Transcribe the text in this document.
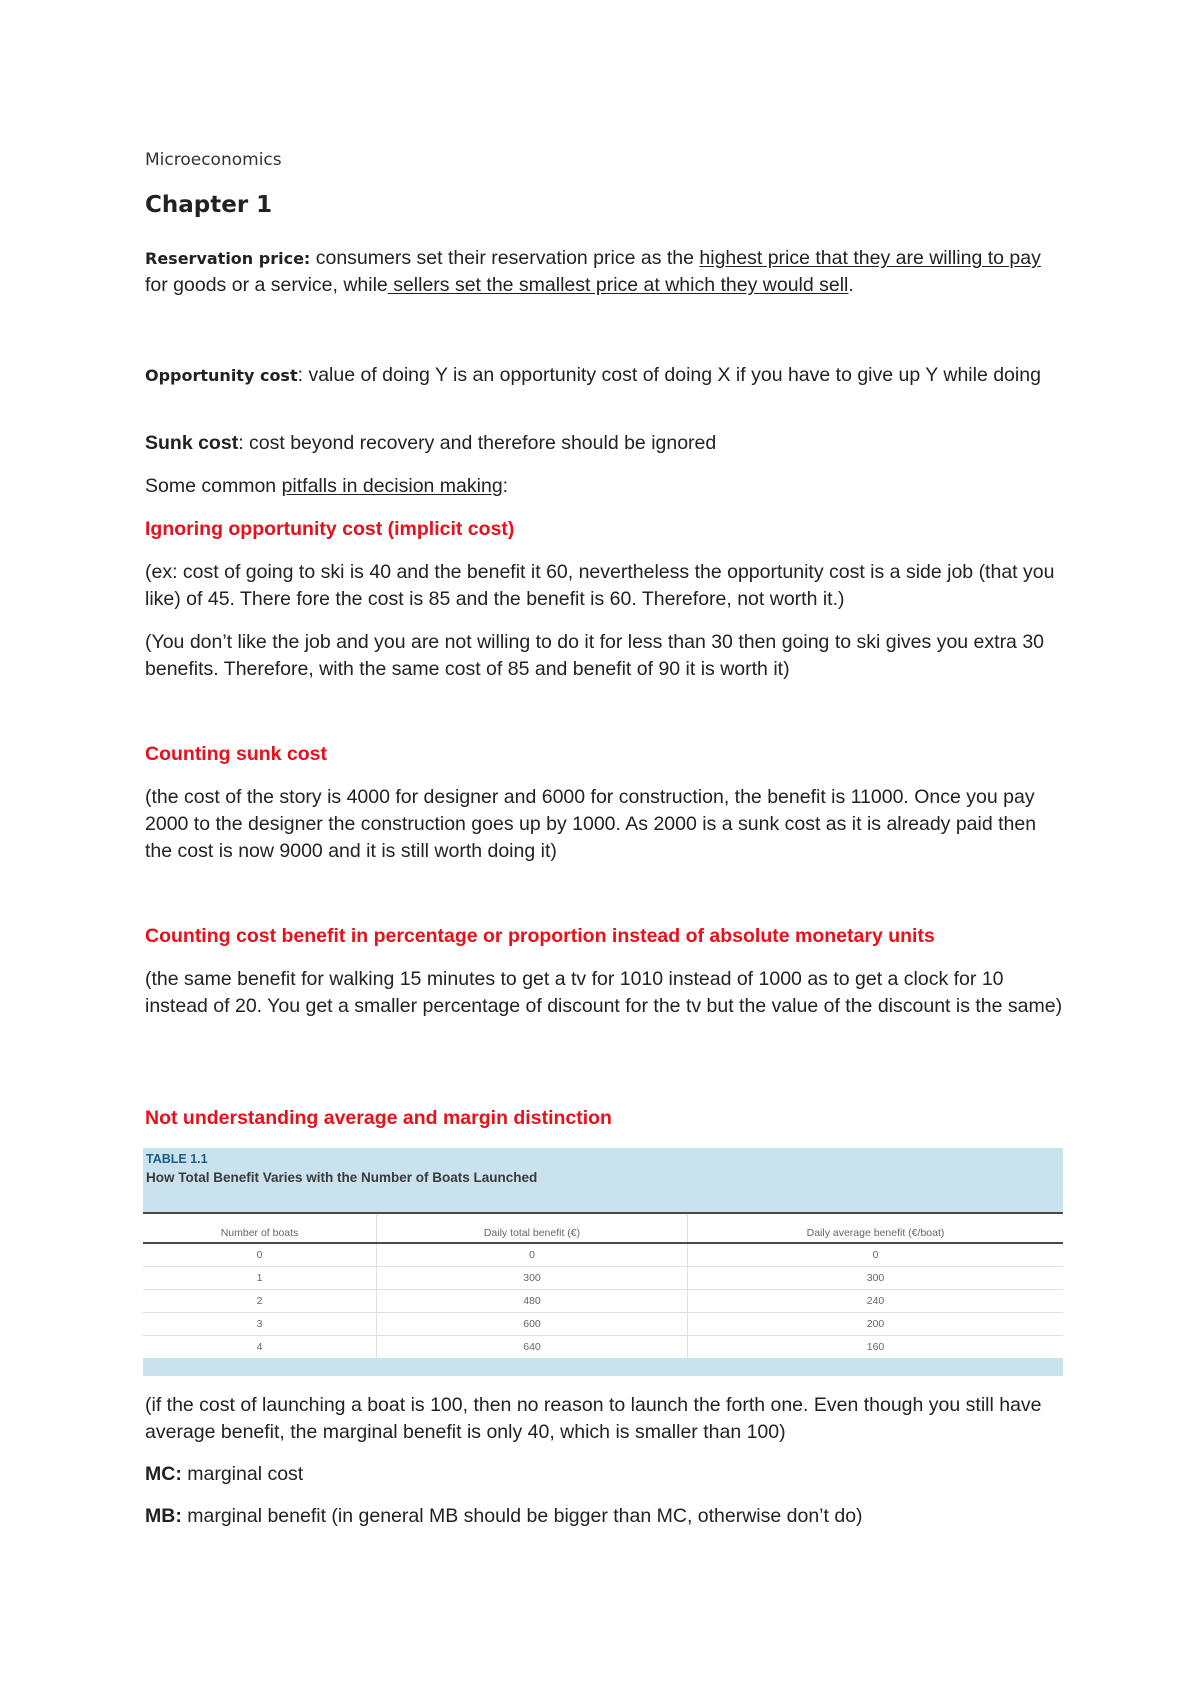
Microeconomics

Chapter 1

Reservation price: consumers set their reservation price as the highest price that they are willing to pay for goods or a service, while sellers set the smallest price at which they would sell.

Opportunity cost: value of doing Y is an opportunity cost of doing X if you have to give up Y while doing

Sunk cost: cost beyond recovery and therefore should be ignored

Some common pitfalls in decision making:

Ignoring opportunity cost (implicit cost)

(ex: cost of going to ski is 40 and the benefit it 60, nevertheless the opportunity cost is a side job (that you like) of 45. There fore the cost is 85 and the benefit is 60. Therefore, not worth it.)

(You don’t like the job and you are not willing to do it for less than 30 then going to ski gives you extra 30 benefits. Therefore, with the same cost of 85 and benefit of 90 it is worth it)

Counting sunk cost

(the cost of the story is 4000 for designer and 6000 for construction, the benefit is 11000. Once you pay 2000 to the designer the construction goes up by 1000. As 2000 is a sunk cost as it is already paid then the cost is now 9000 and it is still worth doing it)

Counting cost benefit in percentage or proportion instead of absolute monetary units

(the same benefit for walking 15 minutes to get a tv for 1010 instead of 1000 as to get a clock for 10 instead of 20. You get a smaller percentage of discount for the tv but the value of the discount is the same)

Not understanding average and margin distinction

(if the cost of launching a boat is 100, then no reason to launch the forth one. Even though you still have average benefit, the marginal benefit is only 40, which is smaller than 100)

MC: marginal cost

MB: marginal benefit (in general MB should be bigger than MC, otherwise don’t do)

TABLE 1.1
How Total Benefit Varies with the Number of Boats Launched
Number of boats	Daily total benefit (€)	Daily average benefit (€/boat)
0	0	0
1	300	300
2	480	240
3	600	200
4	640	160
